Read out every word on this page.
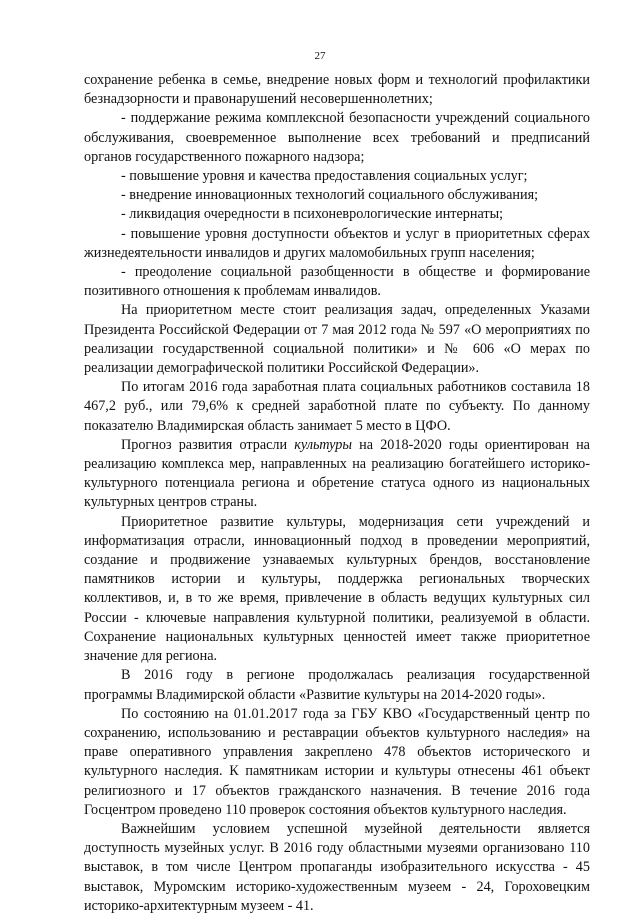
27

сохранение ребенка в семье, внедрение новых форм и технологий профилактики безнадзорности и правонарушений несовершеннолетних;

- поддержание режима комплексной безопасности учреждений социального обслуживания, своевременное выполнение всех требований и предписаний органов государственного пожарного надзора;

- повышение уровня и качества предоставления социальных услуг;

- внедрение инновационных технологий социального обслуживания;

- ликвидация очередности в психоневрологические интернаты;

- повышение уровня доступности объектов и услуг в приоритетных сферах жизнедеятельности инвалидов и других маломобильных групп населения;

- преодоление социальной разобщенности в обществе и формирование позитивного отношения к проблемам инвалидов.

На приоритетном месте стоит реализация задач, определенных Указами Президента Российской Федерации от 7 мая 2012 года № 597 «О мероприятиях по реализации государственной социальной политики» и № 606 «О мерах по реализации демографической политики Российской Федерации».

По итогам 2016 года заработная плата социальных работников составила 18 467,2 руб., или 79,6% к средней заработной плате по субъекту. По данному показателю Владимирская область занимает 5 место в ЦФО.

Прогноз развития отрасли культуры на 2018-2020 годы ориентирован на реализацию комплекса мер, направленных на реализацию богатейшего историко-культурного потенциала региона и обретение статуса одного из национальных культурных центров страны.

Приоритетное развитие культуры, модернизация сети учреждений и информатизация отрасли, инновационный подход в проведении мероприятий, создание и продвижение узнаваемых культурных брендов, восстановление памятников истории и культуры, поддержка региональных творческих коллективов, и, в то же время, привлечение в область ведущих культурных сил России - ключевые направления культурной политики, реализуемой в области. Сохранение национальных культурных ценностей имеет также приоритетное значение для региона.

В 2016 году в регионе продолжалась реализация государственной программы Владимирской области «Развитие культуры на 2014-2020 годы».

По состоянию на 01.01.2017 года за ГБУ КВО «Государственный центр по сохранению, использованию и реставрации объектов культурного наследия» на праве оперативного управления закреплено 478 объектов исторического и культурного наследия. К памятникам истории и культуры отнесены 461 объект религиозного и 17 объектов гражданского назначения. В течение 2016 года Госцентром проведено 110 проверок состояния объектов культурного наследия.

Важнейшим условием успешной музейной деятельности является доступность музейных услуг. В 2016 году областными музеями организовано 110 выставок, в том числе Центром пропаганды изобразительного искусства - 45 выставок, Муромским историко-художественным музеем - 24, Гороховецким историко-архитектурным музеем - 41.
